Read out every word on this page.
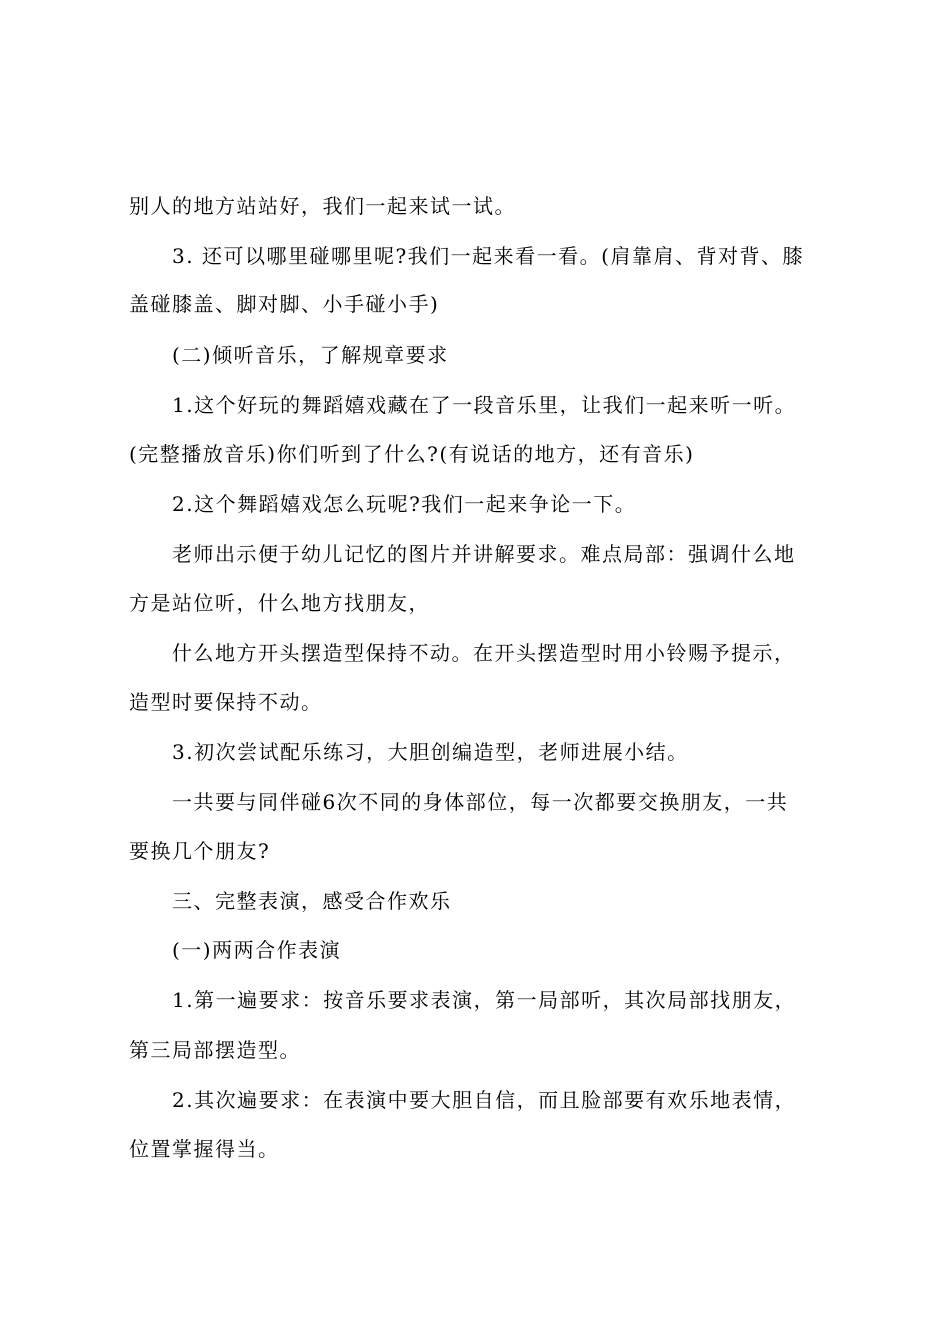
别人的地方站站好，我们一起来试一试。
3. 还可以哪里碰哪里呢?我们一起来看一看。(肩靠肩、背对背、膝
盖碰膝盖、脚对脚、小手碰小手)
(二)倾听音乐，了解规章要求
1.这个好玩的舞蹈嬉戏藏在了一段音乐里，让我们一起来听一听。
(完整播放音乐)你们听到了什么?(有说话的地方，还有音乐)
2.这个舞蹈嬉戏怎么玩呢?我们一起来争论一下。
老师出示便于幼儿记忆的图片并讲解要求。难点局部：强调什么地
方是站位听，什么地方找朋友，
什么地方开头摆造型保持不动。在开头摆造型时用小铃赐予提示，
造型时要保持不动。
3.初次尝试配乐练习，大胆创编造型，老师进展小结。
一共要与同伴碰6次不同的身体部位，每一次都要交换朋友，一共
要换几个朋友?
三、完整表演，感受合作欢乐
(一)两两合作表演
1.第一遍要求：按音乐要求表演，第一局部听，其次局部找朋友，
第三局部摆造型。
2.其次遍要求：在表演中要大胆自信，而且脸部要有欢乐地表情，
位置掌握得当。
